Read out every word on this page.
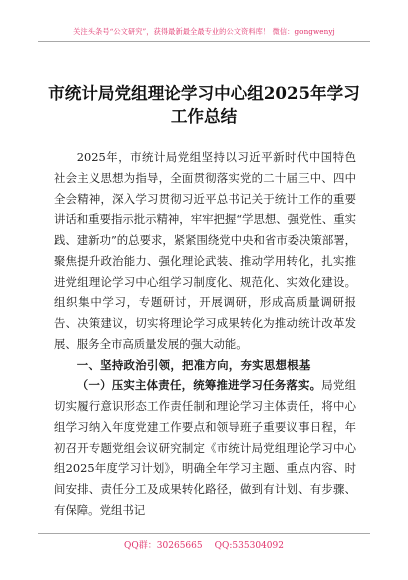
关注头条号“公文研究”，获得最新最全最专业的公文资料库！ 微信：gongwenyj
市统计局党组理论学习中心组2025年学习工作总结

2025年，市统计局党组坚持以习近平新时代中国特色社会主义思想为指导，全面贯彻落实党的二十届三中、四中全会精神，深入学习贯彻习近平总书记关于统计工作的重要讲话和重要指示批示精神，牢牢把握“学思想、强党性、重实践、建新功”的总要求，紧紧围绕党中央和省市委决策部署，聚焦提升政治能力、强化理论武装、推动学用转化，扎实推进党组理论学习中心组学习制度化、规范化、实效化建设。组织集中学习，专题研讨，开展调研，形成高质量调研报告、决策建议，切实将理论学习成果转化为推动统计改革发展、服务全市高质量发展的强大动能。

一、坚持政治引领，把准方向，夯实思想根基

（一）压实主体责任，统筹推进学习任务落实。局党组切实履行意识形态工作责任制和理论学习主体责任，将中心组学习纳入年度党建工作要点和领导班子重要议事日程，年初召开专题党组会议研究制定《市统计局党组理论学习中心组2025年度学习计划》，明确全年学习主题、重点内容、时间安排、责任分工及成果转化路径，做到有计划、有步骤、有保障。党组书记

QQ群：30265665 QQ:535304092
